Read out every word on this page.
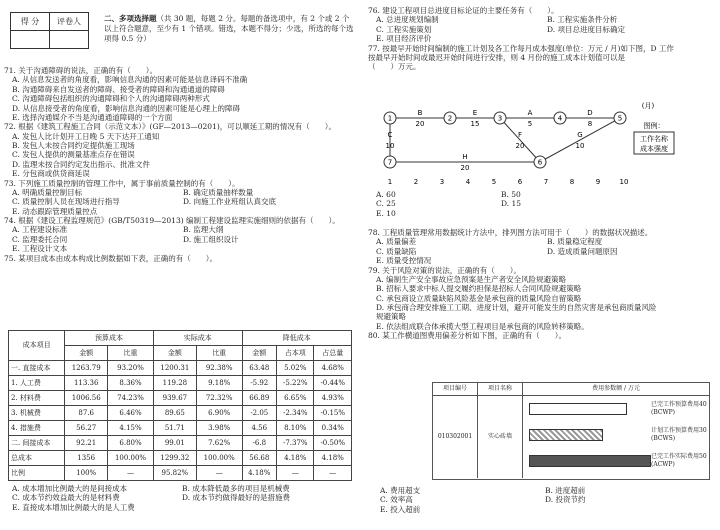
得 分	评卷人
		二、多项选择题（共 30 题，每题 2 分。每题的备选项中，有 2 个或 2 个以上符合题意，至少有 1 个错项。错选，本题不得分；少选，所选的每个选项得 0.5 分）
71. 关于沟通障碍的说法，正确的有（　　）。
A. 从信息发送者的角度看，影响信息沟通的因素可能是信息译码不准确
B. 沟通障碍来自发送者的障碍、接受者的障碍和沟通通道的障碍
C. 沟通障碍包括组织的沟通障碍和个人的沟通障碍两种形式
D. 从信息接受者的角度看，影响信息沟通的因素可能是心理上的障碍
E. 选择沟通媒介不当是沟通通道障碍的一个方面
72. 根据《建筑工程施工合同（示范文本）》(GF—2013—0201)，可以顺延工期的情况有（　　）。
A. 发包人比计划开工日晚 5 天下达开工通知
B. 发包人未按合同约定提供施工现场
C. 发包人提供的测量基准点存在错误
D. 监理未按合同约定发出指示、批准文件
E. 分包商或供货商延误
73. 下列施工质量控制的管理工作中，属于事前质量控制的有（　　）。
A. 明确质量控制目标	B. 确定质量抽样数量
C. 质量控制人员在现场进行指导	D. 向施工作业班组认真交底
E. 动态跟踪管理质量控点
74. 根据《建设工程监理规范》(GB/T50319—2013) 编制工程建设监理实施细则的依据有（　　）。
A. 工程建设标准	B. 监理大纲
C. 监理委托合同	D. 施工组织设计
E. 工程设计文本
75. 某项目成本由成本构成比例数据如下表，正确的有（　　）。
成本项目	预算成本		实际成本		降低成本		
	金额	比重	金额	比重	金额	占本项	占总量
一. 直接成本	1263.79	93.20%	1200.31	92.38%	63.48	5.02%	4.68%
1. 人工费	113.36	8.36%	119.28	9.18%	-5.92	-5.22%	-0.44%
2. 材料费	1006.56	74.23%	939.67	72.32%	66.89	6.65%	4.93%
3. 机械费	87.6	6.46%	89.65	6.90%	-2.05	-2.34%	-0.15%
4. 措施费	56.27	4.15%	51.71	3.98%	4.56	8.10%	0.34%
二. 间接成本	92.21	6.80%	99.01	7.62%	-6.8	-7.37%	-0.50%
总成本	1356	100.00%	1299.32	100.00%	56.68	4.18%	4.18%
比例	100%	—	95.82%	—	4.18%	—	—
A. 成本增加比例最大的是间接成本	B. 成本降低最多的项目是机械费
C. 成本节约效益最大的是材料费	D. 成本节约做得最好的是措施费
E. 直接成本增加比例最大的是人工费
76. 建设工程项目总进度目标论证的主要任务有（　　）。
A. 总进度规划编制	B. 工程实施条件分析
C. 工程实施策划	D. 项目总进度目标确定
E. 项目经济评价
77. 按最早开始时间编制的施工计划及各工作每月成本强度(单位：万元 / 月)如下图，D 工作
按最早开始时间或最迟开始时间进行安排，则 4 月份的施工成本计划值可以是
（　　）万元。
A. 60	B. 50
C. 25	D. 15
E. 10
78. 工程质量管理常用数据统计方法中，排列图方法可用于（　　）的数据状况描述。
A. 质量偏差	B. 质量稳定程度
C. 质量缺陷	D. 造成质量问题原因
E. 质量受控情况
79. 关于风险对策的说法，正确的有（　　）。
A. 编制生产安全事故应急预案是生产者安全风险规避策略
B. 招标人要求中标人提交履约担保是招标人合同风险规避策略
C. 承包商设立质量缺陷风险基金是承包商的质量风险自留策略
D. 承包商合理安排施工工期、进度计划，避开可能发生的自然灾害是承包商质量风险
规避策略
E. 依法组成联合体承揽大型工程项目是承包商的风险转移策略。
80. 某工作横道图费用偏差分析如下图，正确的有（　　）。
A. 费用超支	B. 进度超前
C. 效率高	D. 投资节约
E. 投入超前
B
20
E
15
A
5
D
8
C
10
H
20
G
10
F
20
1	2	3	4	5
6
7
(月)
1	2	3	4	5	6	7	8	9	10
图例：
工作名称
成本强度
项目编号	项目名称	费用参数额 / 万元
010302001	实心砖墙
已完工作预算费用40
(BCWP)
计划工作预算费用30
(BCWS)
已完工作实际费用50
(ACWP)
